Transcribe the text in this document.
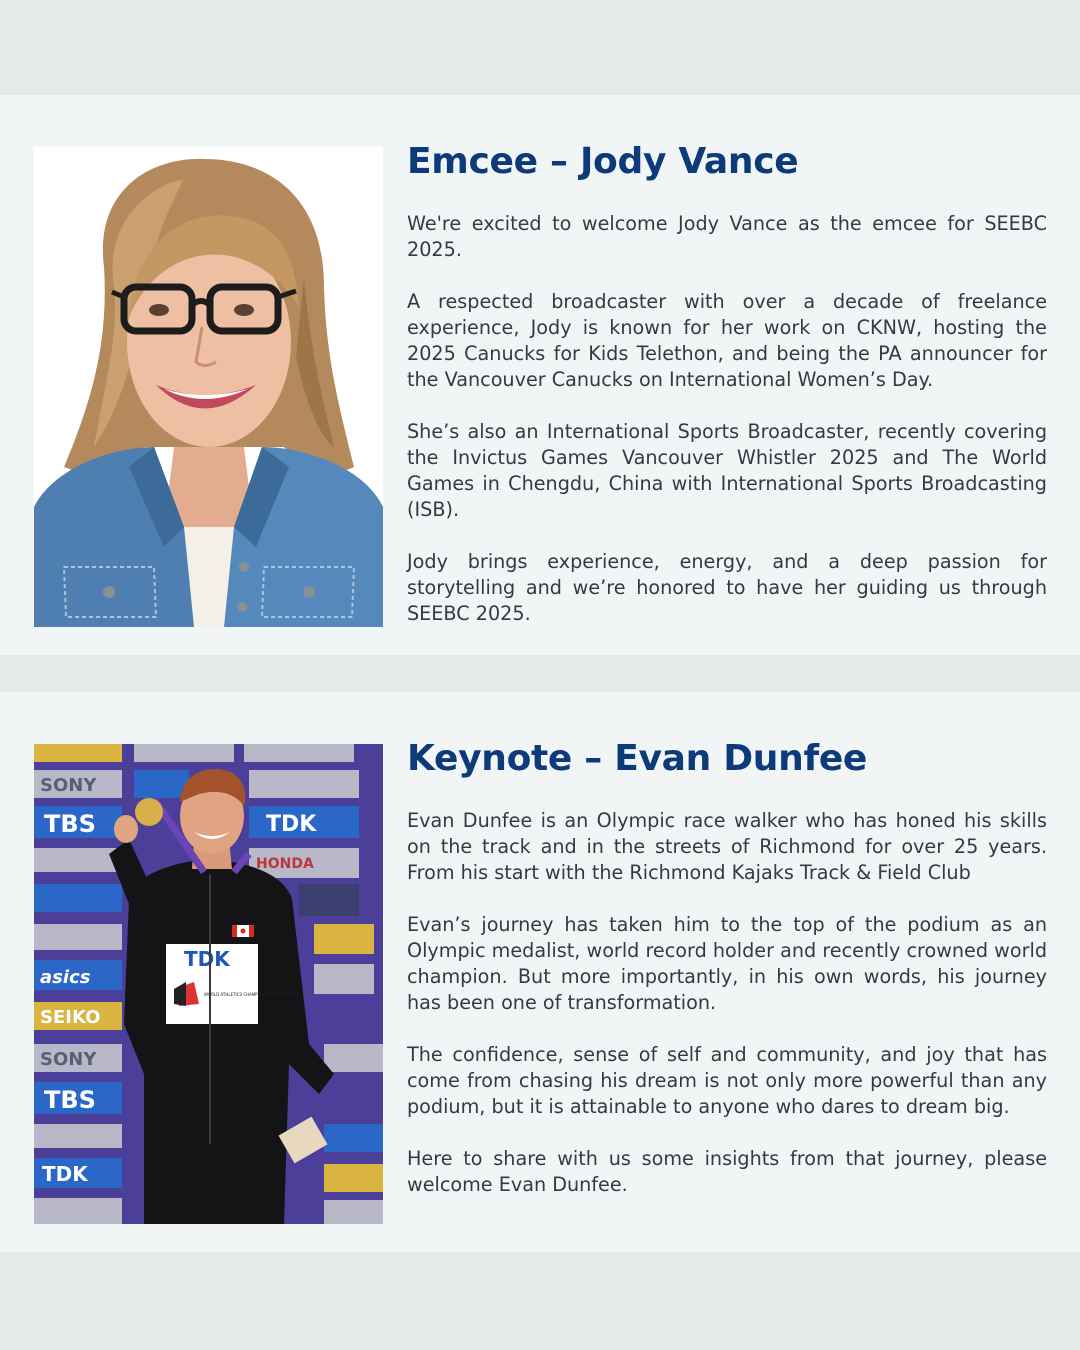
Emcee – Jody Vance

We're excited to welcome Jody Vance as the emcee for SEEBC 2025.

A respected broadcaster with over a decade of freelance experience, Jody is known for her work on CKNW, hosting the 2025 Canucks for Kids Telethon, and being the PA announcer for the Vancouver Canucks on International Women’s Day.

She’s also an International Sports Broadcaster, recently covering the Invictus Games Vancouver Whistler 2025 and The World Games in Chengdu, China with International Sports Broadcasting (ISB).

Jody brings experience, energy, and a deep passion for storytelling and we’re honored to have her guiding us through SEEBC 2025.

SONY
TBS	TDK
HONDA
asics
SEIKO
SONY
TBS
TDK
TDK
WORLD ATHLETICS CHAMPIONSHIPS TOKYO 25
Keynote – Evan Dunfee

Evan Dunfee is an Olympic race walker who has honed his skills on the track and in the streets of Richmond for over 25 years. From his start with the Richmond Kajaks Track & Field Club

Evan’s journey has taken him to the top of the podium as an Olympic medalist, world record holder and recently crowned world champion. But more importantly, in his own words, his journey has been one of transformation.

The confidence, sense of self and community, and joy that has come from chasing his dream is not only more powerful than any podium, but it is attainable to anyone who dares to dream big.

Here to share with us some insights from that journey, please welcome Evan Dunfee.
